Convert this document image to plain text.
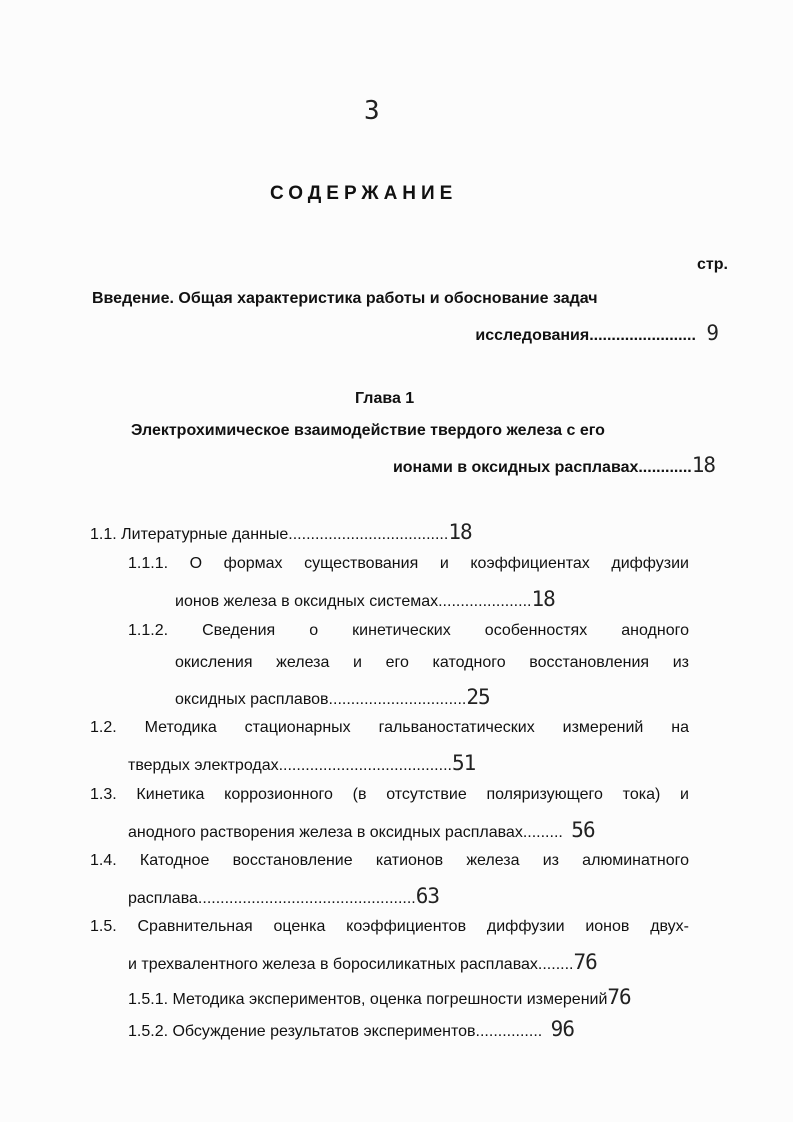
3
СОДЕРЖАНИЕ
стр.
Введение. Общая характеристика работы и обоснование задач
исследования........................ 9
Глава 1
Электрохимическое взаимодействие твердого железа с его
ионами в оксидных расплавах............18
1.1. Литературные данные....................................18
1.1.1. О формах существования и коэффициентах диффузии
ионов железа в оксидных системах.....................18
1.1.2. Сведения о кинетических особенностях анодного
окисления железа и его катодного восстановления из
оксидных расплавов...............................25
1.2. Методика стационарных гальваностатических измерений на
твердых электродах.......................................51
1.3. Кинетика коррозионного (в отсутствие поляризующего тока) и
анодного растворения железа в оксидных расплавах......... 56
1.4. Катодное восстановление катионов железа из алюминатного
расплава.................................................63
1.5. Сравнительная оценка коэффициентов диффузии ионов двух-
и трехвалентного железа в боросиликатных расплавах........76
1.5.1. Методика экспериментов, оценка погрешности измерений76
1.5.2. Обсуждение результатов экспериментов............... 96
